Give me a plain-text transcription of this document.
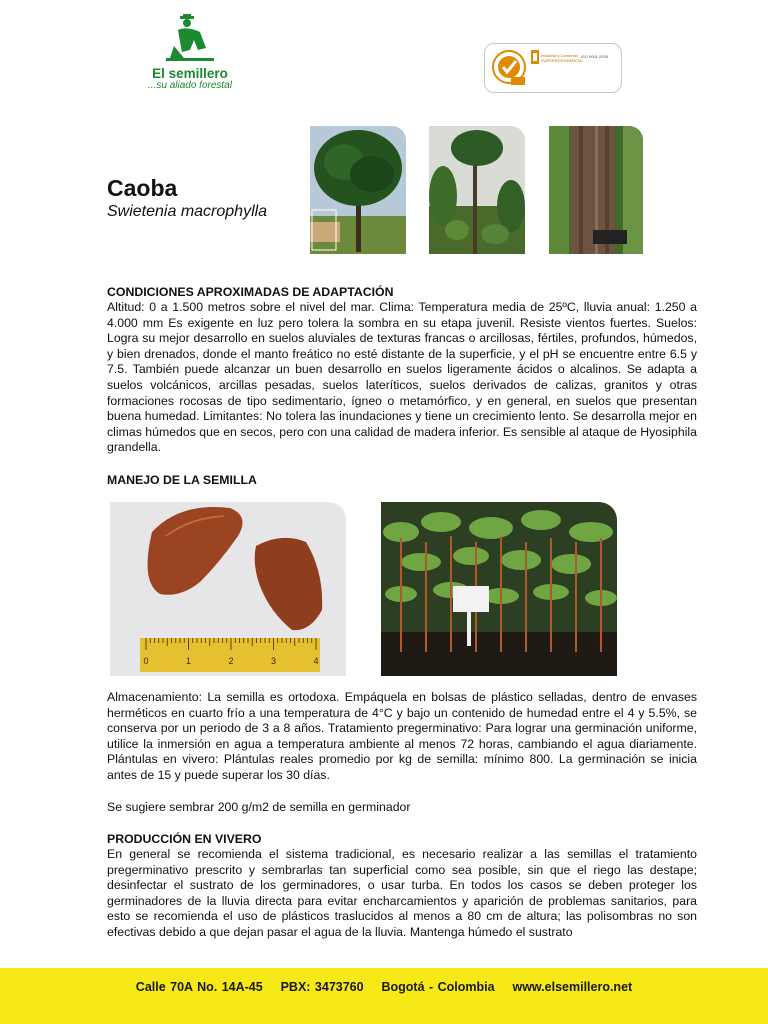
El semillero
...su aliado forestal
Industria y Comercio SUPERINTENDENCIA
ISO 9001:2008
Caoba
Swietenia macrophylla
CONDICIONES APROXIMADAS DE ADAPTACIÓN
Altitud: 0 a 1.500 metros sobre el nivel del mar. Clima: Temperatura media de 25ºC, lluvia anual: 1.250 a 4.000 mm Es exigente en luz pero tolera la sombra en su etapa juvenil. Resiste vientos fuertes. Suelos: Logra su mejor desarrollo en suelos aluviales de texturas francas o arcillosas, fértiles, profundos, húmedos, y bien drenados, donde el manto freático no esté distante de la superficie, y el pH se encuentre entre 6.5 y 7.5. También puede alcanzar un buen desarrollo en suelos ligeramente ácidos o alcalinos. Se adapta a suelos volcánicos, arcillas pesadas, suelos lateríticos, suelos derivados de calizas, granitos y otras formaciones rocosas de tipo sedimentario, ígneo o metamórfico, y en general, en suelos que presentan buena humedad. Limitantes: No tolera las inundaciones y tiene un crecimiento lento. Se desarrolla mejor en climas húmedos que en secos, pero con una calidad de madera inferior. Es sensible al ataque de Hyosiphila grandella.
MANEJO DE LA SEMILLA
0	1	2	3	4
Almacenamiento: La semilla es ortodoxa. Empáquela en bolsas de plástico selladas, dentro de envases herméticos en cuarto frío a una temperatura de 4°C y bajo un contenido de humedad entre el 4 y 5.5%, se conserva por un periodo de 3 a 8 años. Tratamiento pregerminativo: Para lograr una germinación uniforme, utilice la inmersión en agua a temperatura ambiente al menos 72 horas, cambiando el agua diariamente. Plántulas en vivero: Plántulas reales promedio por kg de semilla: mínimo 800. La germinación se inicia antes de 15 y puede superar los 30 días.
Se sugiere sembrar 200 g/m2 de semilla en germinador
PRODUCCIÓN EN VIVERO
En general se recomienda el sistema tradicional, es necesario realizar a las semillas el tratamiento pregerminativo prescrito y sembrarlas tan superficial como sea posible, sin que el riego las destape; desinfectar el sustrato de los germinadores, o usar turba. En todos los casos se deben proteger los germinadores de la lluvia directa para evitar encharcamientos y aparición de problemas sanitarios, para esto se recomienda el uso de plásticos traslucidos al menos a 80 cm de altura; las polisombras no son efectivas debido a que dejan pasar el agua de la lluvia. Mantenga húmedo el sustrato
Calle 70A No. 14A-45    PBX: 3473760    Bogotá - Colombia    www.elsemillero.net
